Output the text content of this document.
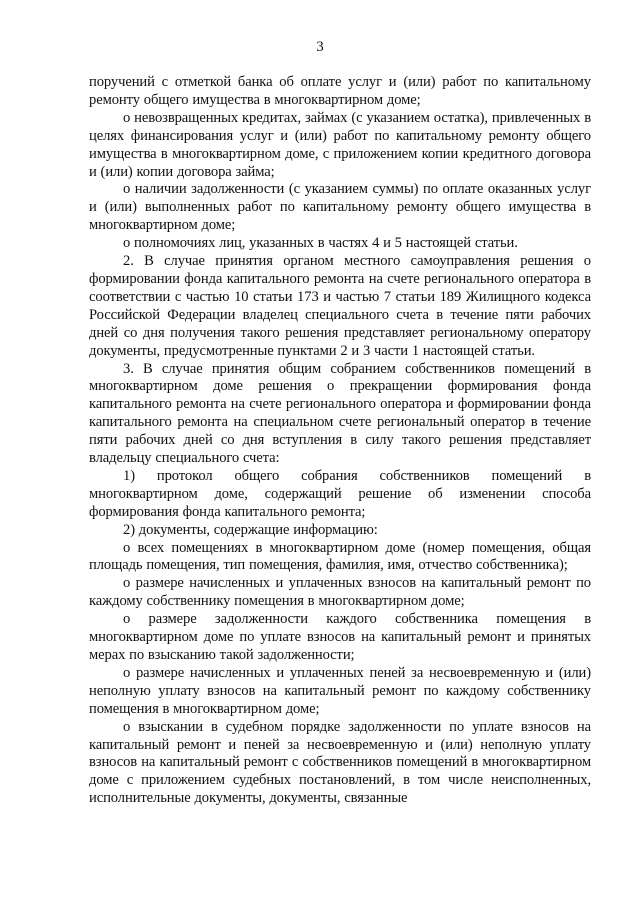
3

поручений с отметкой банка об оплате услуг и (или) работ по капитальному ремонту общего имущества в многоквартирном доме;

о невозвращенных кредитах, займах (с указанием остатка), привлеченных в целях финансирования услуг и (или) работ по капитальному ремонту общего имущества в многоквартирном доме, с приложением копии кредитного договора и (или) копии договора займа;

о наличии задолженности (с указанием суммы) по оплате оказанных услуг и (или) выполненных работ по капитальному ремонту общего имущества в многоквартирном доме;

о полномочиях лиц, указанных в частях 4 и 5 настоящей статьи.

2. В случае принятия органом местного самоуправления решения о формировании фонда капитального ремонта на счете регионального оператора в соответствии с частью 10 статьи 173 и частью 7 статьи 189 Жилищного кодекса Российской Федерации владелец специального счета в течение пяти рабочих дней со дня получения такого решения представляет региональному оператору документы, предусмотренные пунктами 2 и 3 части 1 настоящей статьи.

3. В случае принятия общим собранием собственников помещений в многоквартирном доме решения о прекращении формирования фонда капитального ремонта на счете регионального оператора и формировании фонда капитального ремонта на специальном счете региональный оператор в течение пяти рабочих дней со дня вступления в силу такого решения представляет владельцу специального счета:

1) протокол общего собрания собственников помещений в многоквартирном доме, содержащий решение об изменении способа формирования фонда капитального ремонта;

2) документы, содержащие информацию:

о всех помещениях в многоквартирном доме (номер помещения, общая площадь помещения, тип помещения, фамилия, имя, отчество собственника);

о размере начисленных и уплаченных взносов на капитальный ремонт по каждому собственнику помещения в многоквартирном доме;

о размере задолженности каждого собственника помещения в многоквартирном доме по уплате взносов на капитальный ремонт и принятых мерах по взысканию такой задолженности;

о размере начисленных и уплаченных пеней за несвоевременную и (или) неполную уплату взносов на капитальный ремонт по каждому собственнику помещения в многоквартирном доме;

о взыскании в судебном порядке задолженности по уплате взносов на капитальный ремонт и пеней за несвоевременную и (или) неполную уплату взносов на капитальный ремонт с собственников помещений в многоквартирном доме с приложением судебных постановлений, в том числе неисполненных, исполнительные документы, документы, связанные
